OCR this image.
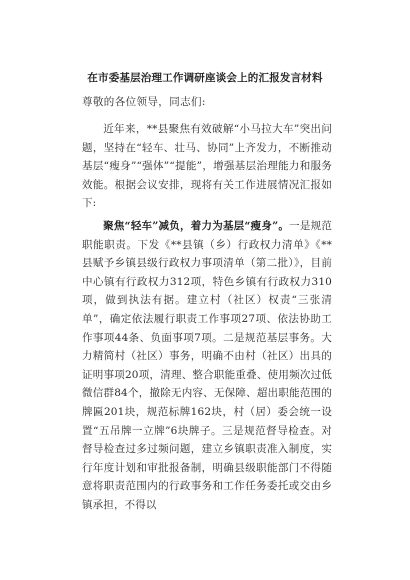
在市委基层治理工作调研座谈会上的汇报发言材料
尊敬的各位领导，同志们:

近年来，**县聚焦有效破解“小马拉大车”突出问题，坚持在“轻车、壮马、协同”上齐发力，不断推动基层“瘦身”“强体”“提能”，增强基层治理能力和服务效能。根据会议安排，现将有关工作进展情况汇报如下:

聚焦“轻车”减负，着力为基层“瘦身”。一是规范职能职责。下发《**县镇（乡）行政权力清单》《**县赋予乡镇县级行政权力事项清单（第二批）》，目前中心镇有行政权力312项，特色乡镇有行政权力310项，做到执法有据。建立村（社区）权责“三张清单”，确定依法履行职责工作事项27项、依法协助工作事项44条、负面事项7项。二是规范基层事务。大力精简村（社区）事务，明确不由村（社区）出具的证明事项20项，清理、整合职能重叠、使用频次过低微信群84个，撤除无内容、无保障、超出职能范围的牌匾201块，规范标牌162块，村（居）委会统一设置“五吊牌一立牌”6块牌子。三是规范督导检查。对督导检查过多过频问题，建立乡镇职责准入制度，实行年度计划和审批报备制，明确县级职能部门不得随意将职责范围内的行政事务和工作任务委托或交由乡镇承担，不得以
